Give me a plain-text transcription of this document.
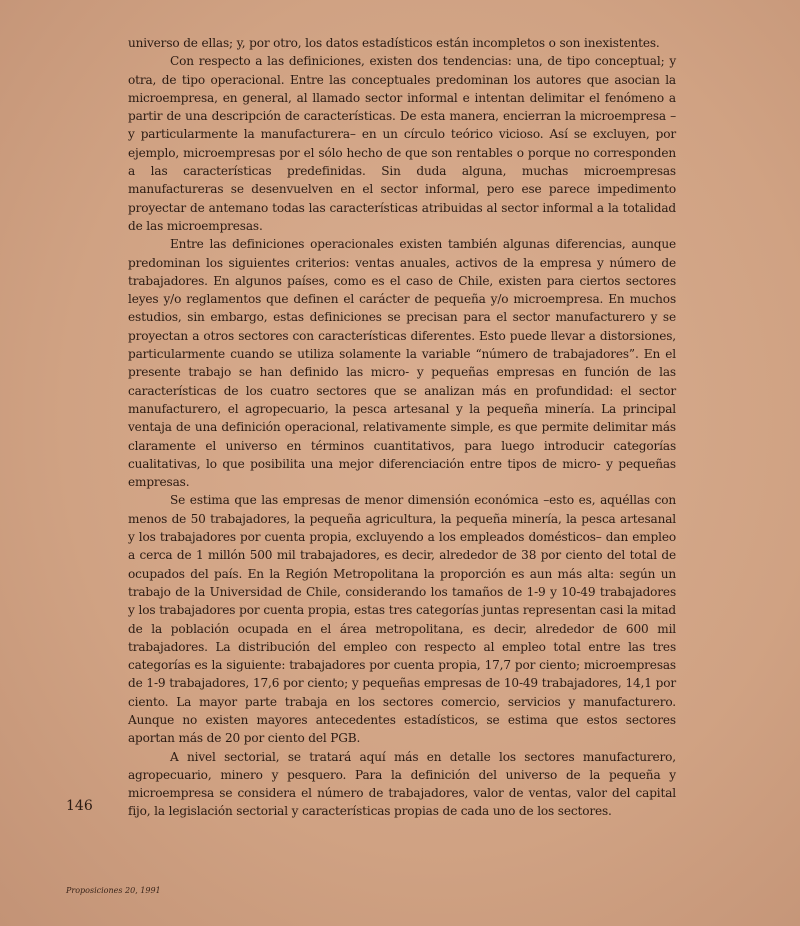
universo de ellas; y, por otro, los datos estadísticos están incompletos o son inexistentes.

Con respecto a las definiciones, existen dos tendencias: una, de tipo conceptual; y otra, de tipo operacional. Entre las conceptuales predominan los autores que asocian la microempresa, en general, al llamado sector informal e intentan delimitar el fenómeno a partir de una descripción de características. De esta manera, encierran la microempresa –y particularmente la manufacturera– en un círculo teórico vicioso. Así se excluyen, por ejemplo, microempresas por el sólo hecho de que son rentables o porque no corresponden a las características predefinidas. Sin duda alguna, muchas microempresas manufactureras se desenvuelven en el sector informal, pero ese parece impedimento proyectar de antemano todas las características atribuidas al sector informal a la totalidad de las microempresas.

Entre las definiciones operacionales existen también algunas diferencias, aunque predominan los siguientes criterios: ventas anuales, activos de la empresa y número de trabajadores. En algunos países, como es el caso de Chile, existen para ciertos sectores leyes y/o reglamentos que definen el carácter de pequeña y/o microempresa. En muchos estudios, sin embargo, estas definiciones se precisan para el sector manufacturero y se proyectan a otros sectores con características diferentes. Esto puede llevar a distorsiones, particularmente cuando se utiliza solamente la variable “número de trabajadores”. En el presente trabajo se han definido las micro- y pequeñas empresas en función de las características de los cuatro sectores que se analizan más en profundidad: el sector manufacturero, el agropecuario, la pesca artesanal y la pequeña minería. La principal ventaja de una definición operacional, relativamente simple, es que permite delimitar más claramente el universo en términos cuantitativos, para luego introducir categorías cualitativas, lo que posibilita una mejor diferenciación entre tipos de micro- y pequeñas empresas.

Se estima que las empresas de menor dimensión económica –esto es, aquéllas con menos de 50 trabajadores, la pequeña agricultura, la pequeña minería, la pesca artesanal y los trabajadores por cuenta propia, excluyendo a los empleados domésticos– dan empleo a cerca de 1 millón 500 mil trabajadores, es decir, alrededor de 38 por ciento del total de ocupados del país. En la Región Metropolitana la proporción es aun más alta: según un trabajo de la Universidad de Chile, considerando los tamaños de 1-9 y 10-49 trabajadores y los trabajadores por cuenta propia, estas tres categorías juntas representan casi la mitad de la población ocupada en el área metropolitana, es decir, alrededor de 600 mil trabajadores. La distribución del empleo con respecto al empleo total entre las tres categorías es la siguiente: trabajadores por cuenta propia, 17,7 por ciento; microempresas de 1-9 trabajadores, 17,6 por ciento; y pequeñas empresas de 10-49 trabajadores, 14,1 por ciento. La mayor parte trabaja en los sectores comercio, servicios y manufacturero. Aunque no existen mayores antecedentes estadísticos, se estima que estos sectores aportan más de 20 por ciento del PGB.

A nivel sectorial, se tratará aquí más en detalle los sectores manufacturero, agropecuario, minero y pesquero. Para la definición del universo de la pequeña y microempresa se considera el número de trabajadores, valor de ventas, valor del capital fijo, la legislación sectorial y características propias de cada uno de los sectores.

146
Proposiciones 20, 1991
